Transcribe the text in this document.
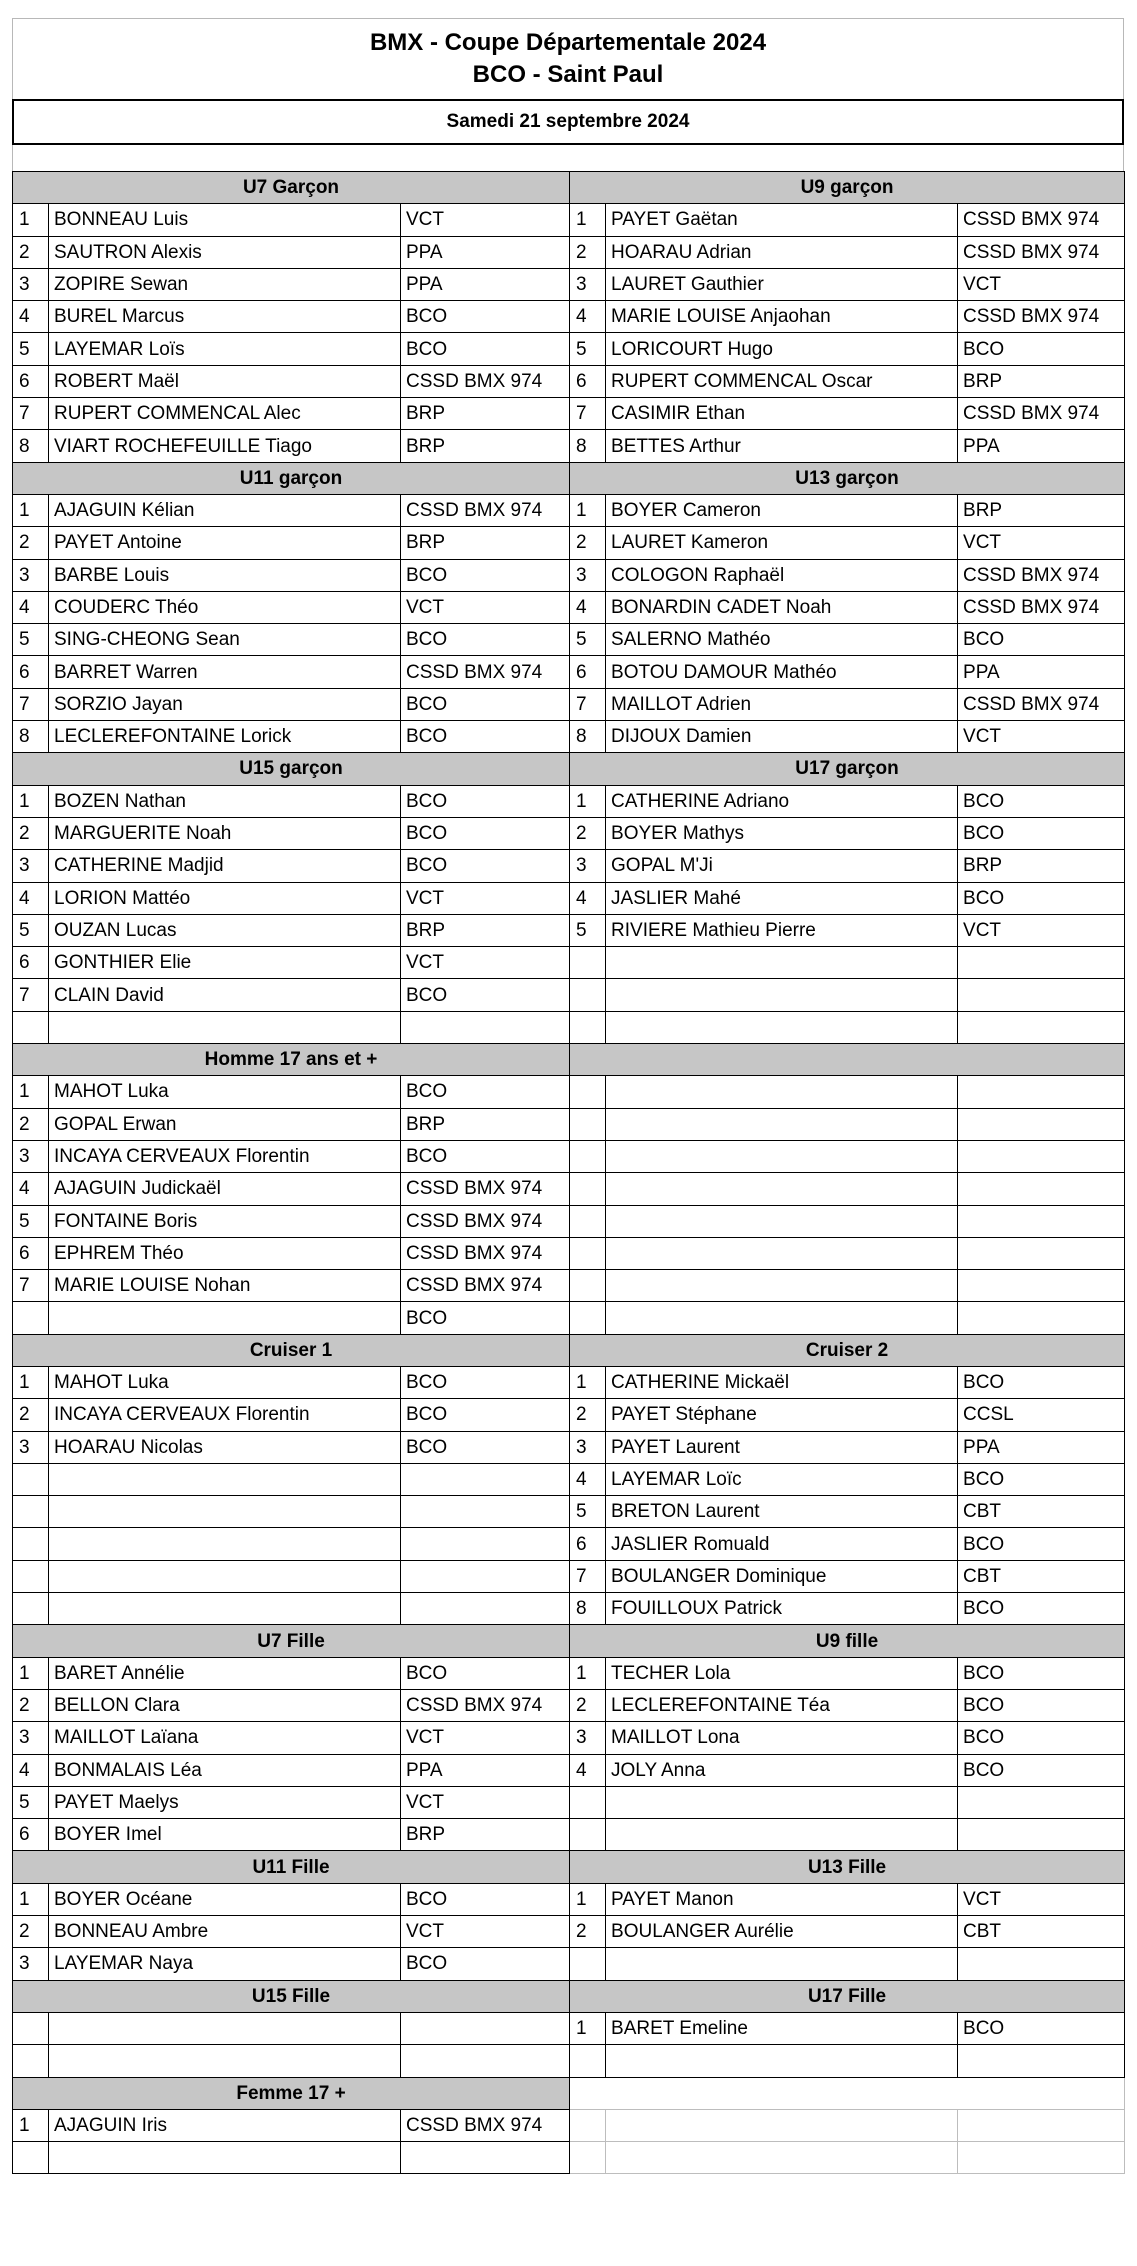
BMX - Coupe Départementale 2024
BCO - Saint Paul
Samedi 21 septembre 2024
U7 Garçon			U9 garçon		
1	BONNEAU Luis	VCT	1	PAYET Gaëtan	CSSD BMX 974
2	SAUTRON Alexis	PPA	2	HOARAU Adrian	CSSD BMX 974
3	ZOPIRE Sewan	PPA	3	LAURET Gauthier	VCT
4	BUREL Marcus	BCO	4	MARIE LOUISE Anjaohan	CSSD BMX 974
5	LAYEMAR Loïs	BCO	5	LORICOURT Hugo	BCO
6	ROBERT Maël	CSSD BMX 974	6	RUPERT COMMENCAL Oscar	BRP
7	RUPERT COMMENCAL Alec	BRP	7	CASIMIR Ethan	CSSD BMX 974
8	VIART ROCHEFEUILLE Tiago	BRP	8	BETTES Arthur	PPA
U11 garçon			U13 garçon		
1	AJAGUIN Kélian	CSSD BMX 974	1	BOYER Cameron	BRP
2	PAYET Antoine	BRP	2	LAURET Kameron	VCT
3	BARBE Louis	BCO	3	COLOGON Raphaël	CSSD BMX 974
4	COUDERC Théo	VCT	4	BONARDIN CADET Noah	CSSD BMX 974
5	SING-CHEONG Sean	BCO	5	SALERNO Mathéo	BCO
6	BARRET Warren	CSSD BMX 974	6	BOTOU DAMOUR Mathéo	PPA
7	SORZIO Jayan	BCO	7	MAILLOT Adrien	CSSD BMX 974
8	LECLEREFONTAINE Lorick	BCO	8	DIJOUX Damien	VCT
U15 garçon			U17 garçon		
1	BOZEN Nathan	BCO	1	CATHERINE Adriano	BCO
2	MARGUERITE Noah	BCO	2	BOYER Mathys	BCO
3	CATHERINE Madjid	BCO	3	GOPAL M'Ji	BRP
4	LORION Mattéo	VCT	4	JASLIER Mahé	BCO
5	OUZAN Lucas	BRP	5	RIVIERE Mathieu Pierre	VCT
6	GONTHIER Elie	VCT			
7	CLAIN David	BCO			

Homme 17 ans et +					
1	MAHOT Luka	BCO			
2	GOPAL Erwan	BRP			
3	INCAYA CERVEAUX Florentin	BCO			
4	AJAGUIN Judickaël	CSSD BMX 974			
5	FONTAINE Boris	CSSD BMX 974			
6	EPHREM Théo	CSSD BMX 974			
7	MARIE LOUISE Nohan	CSSD BMX 974			
		BCO			
Cruiser 1			Cruiser 2		
1	MAHOT Luka	BCO	1	CATHERINE Mickaël	BCO
2	INCAYA CERVEAUX Florentin	BCO	2	PAYET Stéphane	CCSL
3	HOARAU Nicolas	BCO	3	PAYET Laurent	PPA
			4	LAYEMAR Loïc	BCO
			5	BRETON Laurent	CBT
			6	JASLIER Romuald	BCO
			7	BOULANGER Dominique	CBT
			8	FOUILLOUX Patrick	BCO
U7 Fille			U9 fille		
1	BARET Annélie	BCO	1	TECHER Lola	BCO
2	BELLON Clara	CSSD BMX 974	2	LECLEREFONTAINE Téa	BCO
3	MAILLOT Laïana	VCT	3	MAILLOT Lona	BCO
4	BONMALAIS Léa	PPA	4	JOLY Anna	BCO
5	PAYET Maelys	VCT			
6	BOYER Imel	BRP			
U11 Fille			U13 Fille		
1	BOYER Océane	BCO	1	PAYET Manon	VCT
2	BONNEAU Ambre	VCT	2	BOULANGER Aurélie	CBT
3	LAYEMAR Naya	BCO			
U15 Fille			U17 Fille		
			1	BARET Emeline	BCO

Femme 17 +					
1	AJAGUIN Iris	CSSD BMX 974			
